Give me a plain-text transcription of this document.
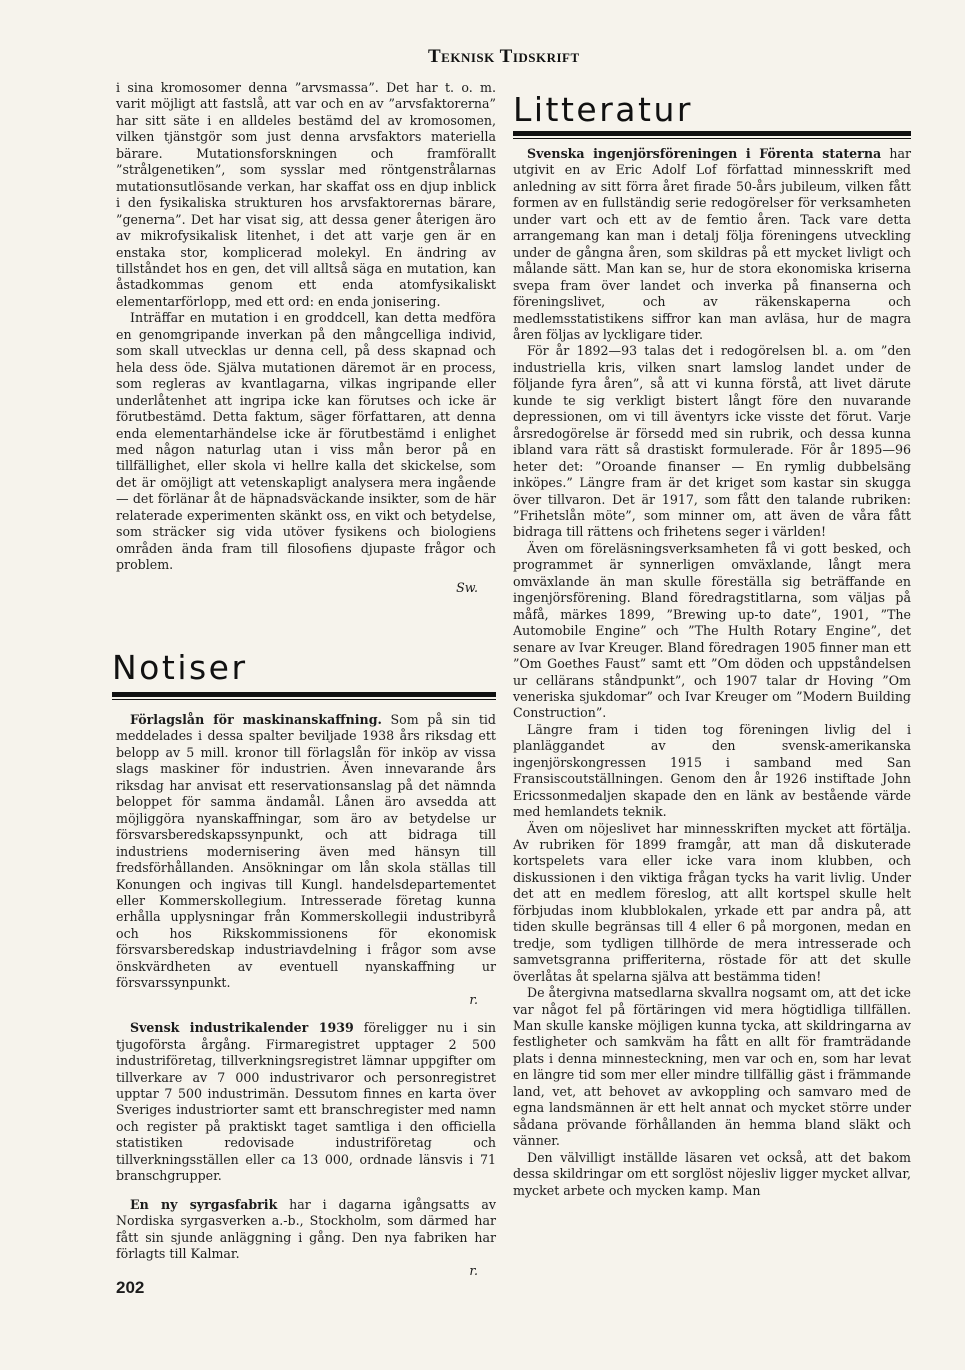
Teknisk Tidskrift

i sina kromosomer denna ”arvsmassa”. Det har t. o. m. varit möjligt att fastslå, att var och en av ”arvsfaktorerna” har sitt säte i en alldeles bestämd del av kromosomen, vilken tjänstgör som just denna arvsfaktors materiella bärare. Mutationsforskningen och framförallt ”strålgenetiken”, som sysslar med röntgenstrålarnas mutationsutlösande verkan, har skaffat oss en djup inblick i den fysikaliska strukturen hos arvsfaktorernas bärare, ”generna”. Det har visat sig, att dessa gener återigen äro av mikrofysikalisk litenhet, i det att varje gen är en enstaka stor, komplicerad molekyl. En ändring av tillståndet hos en gen, det vill alltså säga en mutation, kan åstadkommas genom ett enda atomfysikaliskt elementarförlopp, med ett ord: en enda jonisering.

Inträffar en mutation i en groddcell, kan detta medföra en genomgripande inverkan på den mångcelliga individ, som skall utvecklas ur denna cell, på dess skapnad och hela dess öde. Själva mutationen däremot är en process, som regleras av kvantlagarna, vilkas ingripande eller underlåtenhet att ingripa icke kan förutses och icke är förutbestämd. Detta faktum, säger författaren, att denna enda elementarhändelse icke är förutbestämd i enlighet med någon naturlag utan i viss mån beror på en tillfällighet, eller skola vi hellre kalla det skickelse, som det är omöjligt att vetenskapligt analysera mera ingående — det förlänar åt de häpnadsväckande insikter, som de här relaterade experimenten skänkt oss, en vikt och betydelse, som sträcker sig vida utöver fysikens och biologiens områden ända fram till filosofiens djupaste frågor och problem.

Sw.
Notiser

Förlagslån för maskinanskaffning. Som på sin tid meddelades i dessa spalter beviljade 1938 års riksdag ett belopp av 5 mill. kronor till förlagslån för inköp av vissa slags maskiner för industrien. Även innevarande års riksdag har anvisat ett reservationsanslag på det nämnda beloppet för samma ändamål. Lånen äro avsedda att möjliggöra nyanskaffningar, som äro av betydelse ur försvarsberedskapssynpunkt, och att bidraga till industriens modernisering även med hänsyn till fredsförhållanden. Ansökningar om lån skola ställas till Konungen och ingivas till Kungl. handelsdepartementet eller Kommerskollegium. Intresserade företag kunna erhålla upplysningar från Kommerskollegii industribyrå och hos Rikskommissionens för ekonomisk försvarsberedskap industriavdelning i frågor som avse önskvärdheten av eventuell nyanskaffning ur försvarssynpunkt.

r.

Svensk industrikalender 1939 föreligger nu i sin tjugoförsta årgång. Firmaregistret upptager 2 500 industriföretag, tillverkningsregistret lämnar uppgifter om tillverkare av 7 000 industrivaror och personregistret upptar 7 500 industrimän. Dessutom finnes en karta över Sveriges industriorter samt ett branschregister med namn och register på praktiskt taget samtliga i den officiella statistiken redovisade industriföretag och tillverkningsställen eller ca 13 000, ordnade länsvis i 71 branschgrupper.

En ny syrgasfabrik har i dagarna igångsatts av Nordiska syrgasverken a.-b., Stockholm, som därmed har fått sin sjunde anläggning i gång. Den nya fabriken har förlagts till Kalmar.

r.
Litteratur

Svenska ingenjörsföreningen i Förenta staterna har utgivit en av Eric Adolf Lof författad minnesskrift med anledning av sitt förra året firade 50-års jubileum, vilken fått formen av en fullständig serie redogörelser för verksamheten under vart och ett av de femtio åren. Tack vare detta arrangemang kan man i detalj följa föreningens utveckling under de gångna åren, som skildras på ett mycket livligt och målande sätt. Man kan se, hur de stora ekonomiska kriserna svepa fram över landet och inverka på finanserna och föreningslivet, och av räkenskaperna och medlemsstatistikens siffror kan man avläsa, hur de magra åren följas av lyckligare tider.

För år 1892—93 talas det i redogörelsen bl. a. om ”den industriella kris, vilken snart lamslog landet under de följande fyra åren”, så att vi kunna förstå, att livet därute kunde te sig verkligt bistert långt före den nuvarande depressionen, om vi till äventyrs icke visste det förut. Varje årsredogörelse är försedd med sin rubrik, och dessa kunna ibland vara rätt så drastiskt formulerade. För år 1895—96 heter det: ”Oroande finanser — En rymlig dubbelsäng inköpes.” Längre fram är det kriget som kastar sin skugga över tillvaron. Det är 1917, som fått den talande rubriken: ”Frihetslån möte”, som minner om, att även de våra fått bidraga till rättens och frihetens seger i världen!

Även om föreläsningsverksamheten få vi gott besked, och programmet är synnerligen omväxlande, långt mera omväxlande än man skulle föreställa sig beträffande en ingenjörsförening. Bland föredragstitlarna, som väljas på måfå, märkes 1899, ”Brewing up-to date”, 1901, ”The Automobile Engine” och ”The Hulth Rotary Engine”, det senare av Ivar Kreuger. Bland föredragen 1905 finner man ett ”Om Goethes Faust” samt ett ”Om döden och uppståndelsen ur cellärans ståndpunkt”, och 1907 talar dr Hoving ”Om veneriska sjukdomar” och Ivar Kreuger om ”Modern Building Construction”.

Längre fram i tiden tog föreningen livlig del i planläggandet av den svensk-amerikanska ingenjörskongressen 1915 i samband med San Fransiscoutställningen. Genom den år 1926 instiftade John Ericssonmedaljen skapade den en länk av bestående värde med hemlandets teknik.

Även om nöjeslivet har minnesskriften mycket att förtälja. Av rubriken för 1899 framgår, att man då diskuterade kortspelets vara eller icke vara inom klubben, och diskussionen i den viktiga frågan tycks ha varit livlig. Under det att en medlem föreslog, att allt kortspel skulle helt förbjudas inom klubblokalen, yrkade ett par andra på, att tiden skulle begränsas till 4 eller 6 på morgonen, medan en tredje, som tydligen tillhörde de mera intresserade och samvetsgranna prifferiterna, röstade för att det skulle överlåtas åt spelarna själva att bestämma tiden!

De återgivna matsedlarna skvallra nogsamt om, att det icke var något fel på förtäringen vid mera högtidliga tillfällen. Man skulle kanske möjligen kunna tycka, att skildringarna av festligheter och samkväm ha fått en allt för framträdande plats i denna minnesteckning, men var och en, som har levat en längre tid som mer eller mindre tillfällig gäst i främmande land, vet, att behovet av avkoppling och samvaro med de egna landsmännen är ett helt annat och mycket större under sådana prövande förhållanden än hemma bland släkt och vänner.

Den välvilligt inställde läsaren vet också, att det bakom dessa skildringar om ett sorglöst nöjesliv ligger mycket allvar, mycket arbete och mycken kamp. Man

202
